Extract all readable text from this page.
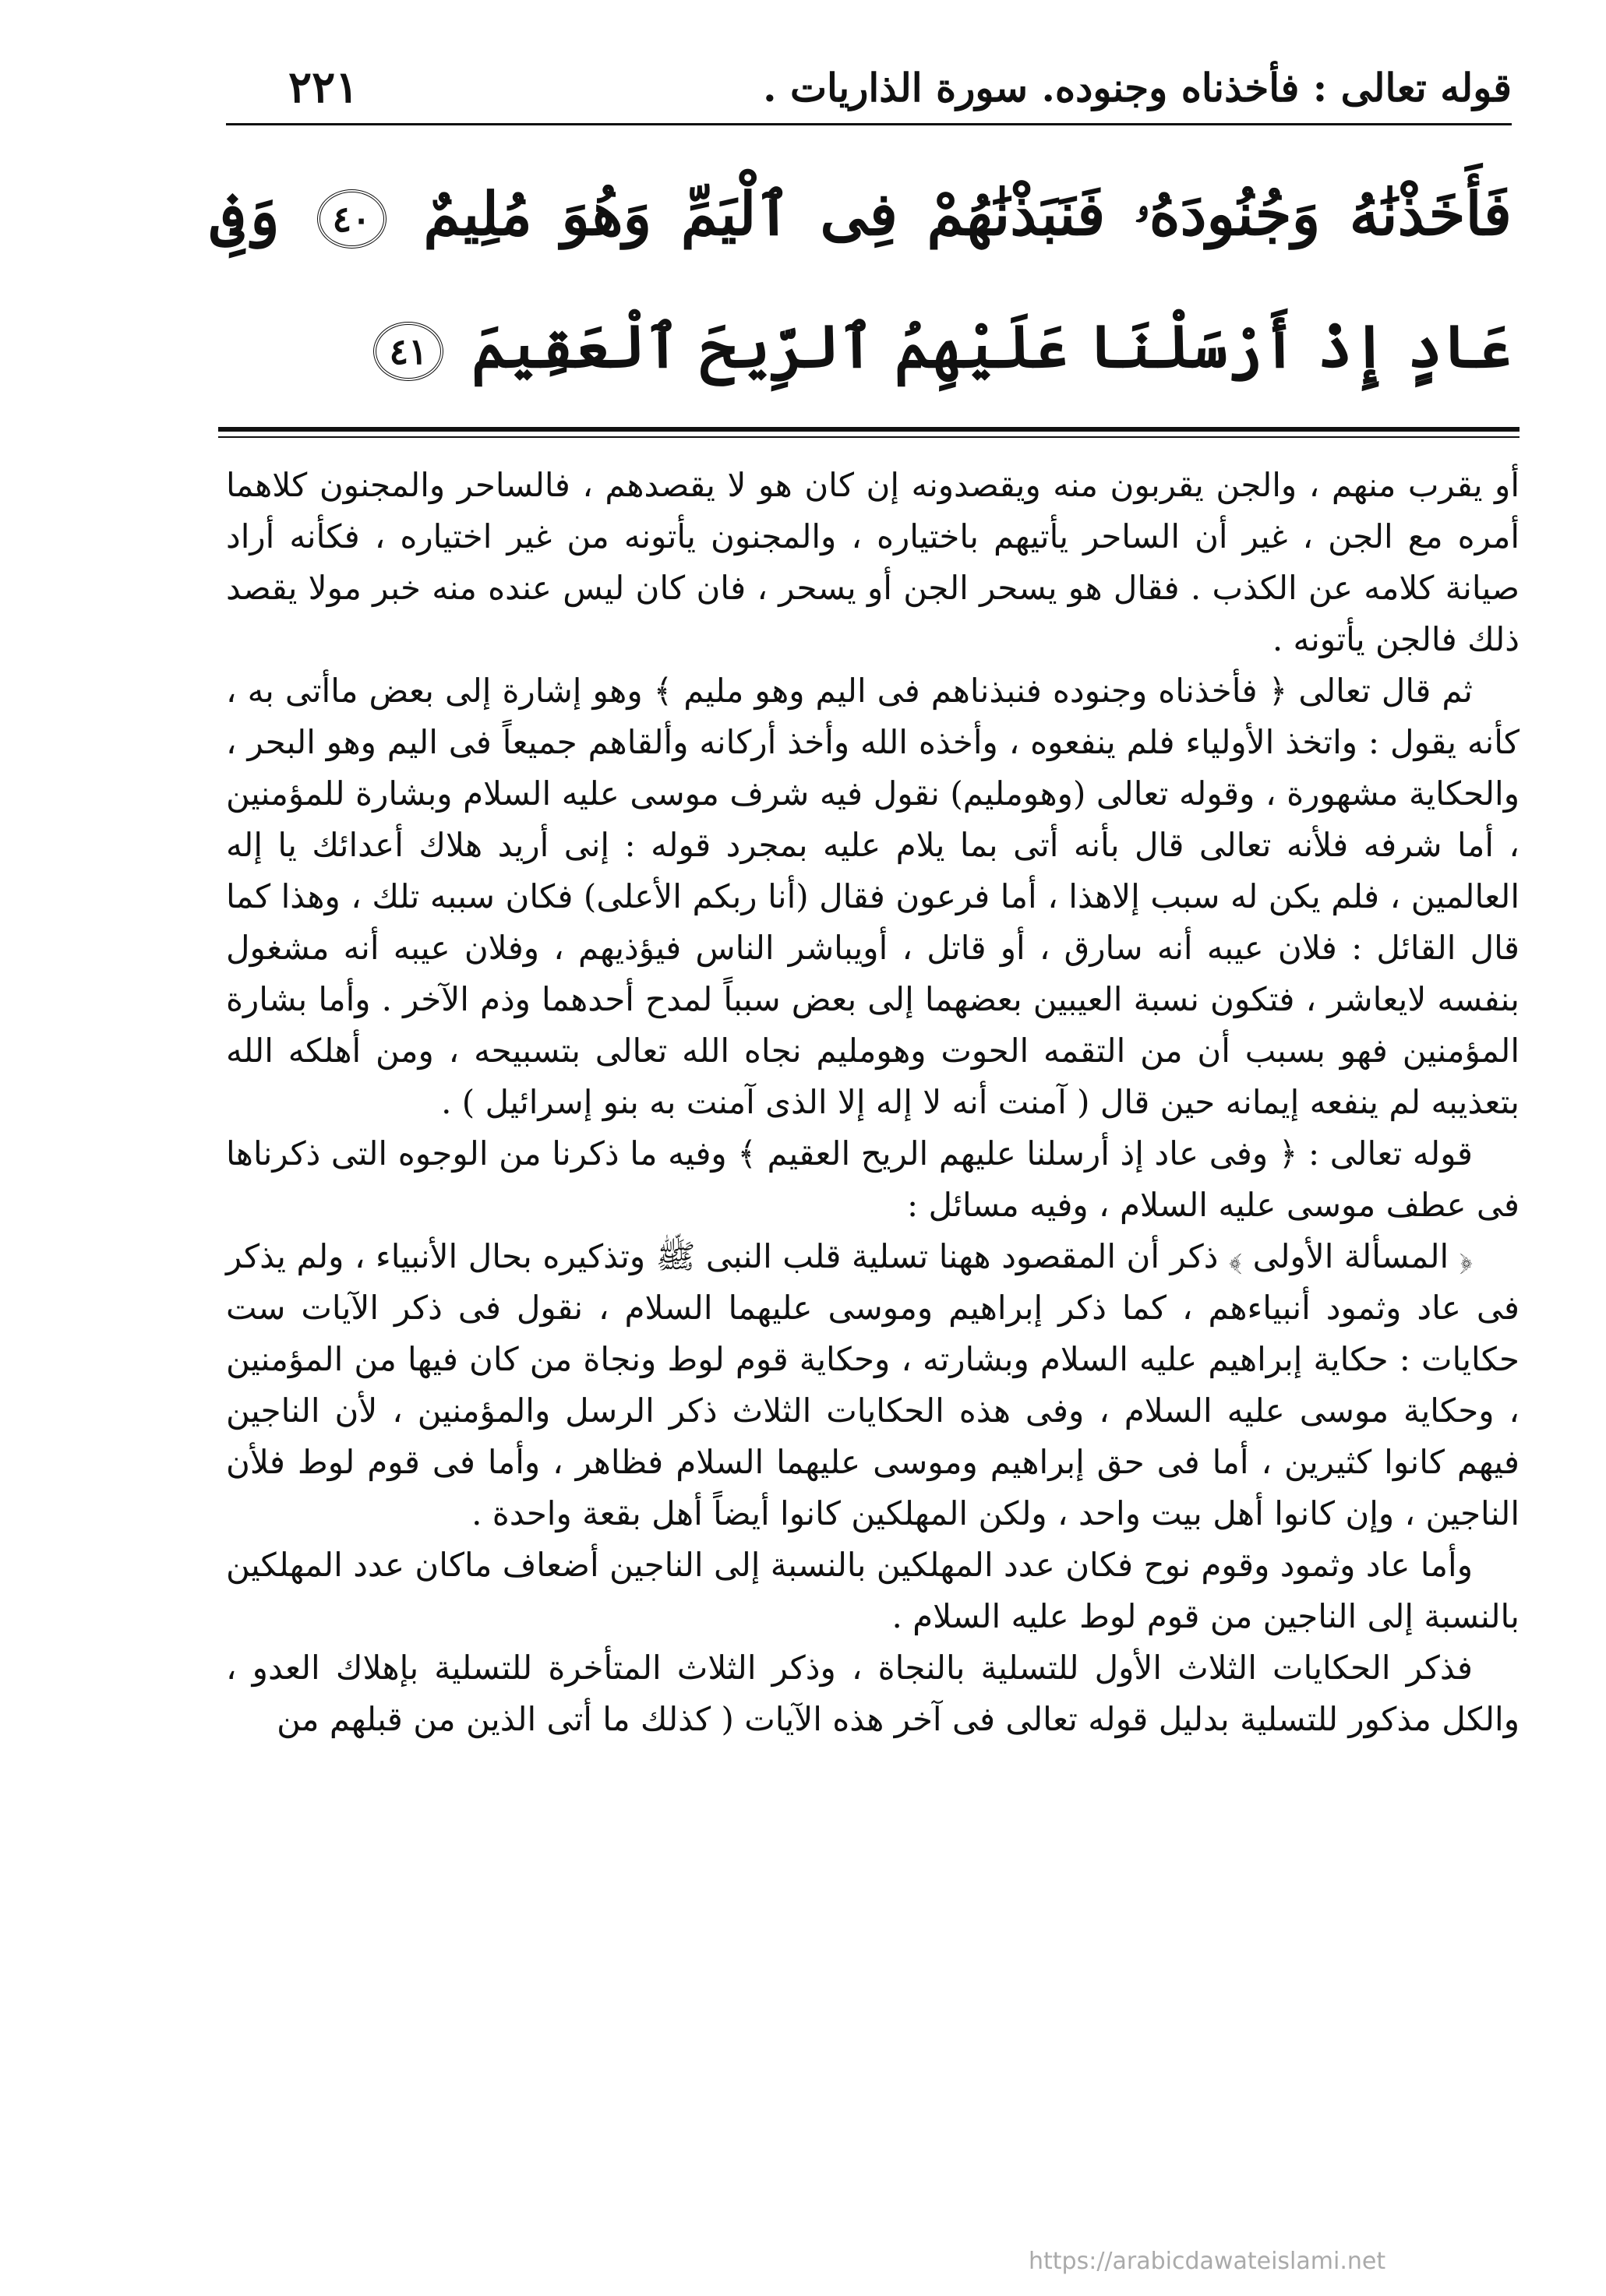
قوله تعالى : فأخذناه وجنوده. سورة الذاريات .
٢٢١
فَأَخَذْنَٰهُ وَجُنُودَهُۥ فَنَبَذْنَٰهُمْ فِى ٱلْيَمِّ وَهُوَ مُلِيمٌ ٤٠ وَفِى عَادٍ إِذْ أَرْسَلْنَا عَلَيْهِمُ ٱلرِّيحَ ٱلْعَقِيمَ ٤١

أو يقرب منهم ، والجن يقربون منه ويقصدونه إن كان هو لا يقصدهم ، فالساحر والمجنون كلاهما أمره مع الجن ، غير أن الساحر يأتيهم باختياره ، والمجنون يأتونه من غير اختياره ، فكأنه أراد صيانة كلامه عن الكذب . فقال هو يسحر الجن أو يسحر ، فان كان ليس عنده منه خبر مولا يقصد ذلك فالجن يأتونه .

ثم قال تعالى ﴿ فأخذناه وجنوده فنبذناهم فى اليم وهو مليم ﴾ وهو إشارة إلى بعض ماأتى به ، كأنه يقول : واتخذ الأولياء فلم ينفعوه ، وأخذه الله وأخذ أركانه وألقاهم جميعاً فى اليم وهو البحر ، والحكاية مشهورة ، وقوله تعالى (وهومليم) نقول فيه شرف موسى عليه السلام وبشارة للمؤمنين ، أما شرفه فلأنه تعالى قال بأنه أتى بما يلام عليه بمجرد قوله : إنى أريد هلاك أعدائك يا إله العالمين ، فلم يكن له سبب إلاهذا ، أما فرعون فقال (أنا ربكم الأعلى) فكان سببه تلك ، وهذا كما قال القائل : فلان عيبه أنه سارق ، أو قاتل ، أويباشر الناس فيؤذيهم ، وفلان عيبه أنه مشغول بنفسه لايعاشر ، فتكون نسبة العيبين بعضهما إلى بعض سبباً لمدح أحدهما وذم الآخر . وأما بشارة المؤمنين فهو بسبب أن من التقمه الحوت وهومليم نجاه الله تعالى بتسبيحه ، ومن أهلكه الله بتعذيبه لم ينفعه إيمانه حين قال ( آمنت أنه لا إله إلا الذى آمنت به بنو إسرائيل ) .

قوله تعالى : ﴿ وفى عاد إذ أرسلنا عليهم الريح العقيم ﴾ وفيه ما ذكرنا من الوجوه التى ذكرناها فى عطف موسى عليه السلام ، وفيه مسائل :

﴿ المسألة الأولى ﴾ ذكر أن المقصود ههنا تسلية قلب النبى ﷺ وتذكيره بحال الأنبياء ، ولم يذكر فى عاد وثمود أنبياءهم ، كما ذكر إبراهيم وموسى عليهما السلام ، نقول فى ذكر الآيات ست حكايات : حكاية إبراهيم عليه السلام وبشارته ، وحكاية قوم لوط ونجاة من كان فيها من المؤمنين ، وحكاية موسى عليه السلام ، وفى هذه الحكايات الثلاث ذكر الرسل والمؤمنين ، لأن الناجين فيهم كانوا كثيرين ، أما فى حق إبراهيم وموسى عليهما السلام فظاهر ، وأما فى قوم لوط فلأن الناجين ، وإن كانوا أهل بيت واحد ، ولكن المهلكين كانوا أيضاً أهل بقعة واحدة .

وأما عاد وثمود وقوم نوح فكان عدد المهلكين بالنسبة إلى الناجين أضعاف ماكان عدد المهلكين بالنسبة إلى الناجين من قوم لوط عليه السلام .

فذكر الحكايات الثلاث الأول للتسلية بالنجاة ، وذكر الثلاث المتأخرة للتسلية بإهلاك العدو ، والكل مذكور للتسلية بدليل قوله تعالى فى آخر هذه الآيات ( كذلك ما أتى الذين من قبلهم من

https://arabicdawateislami.net
